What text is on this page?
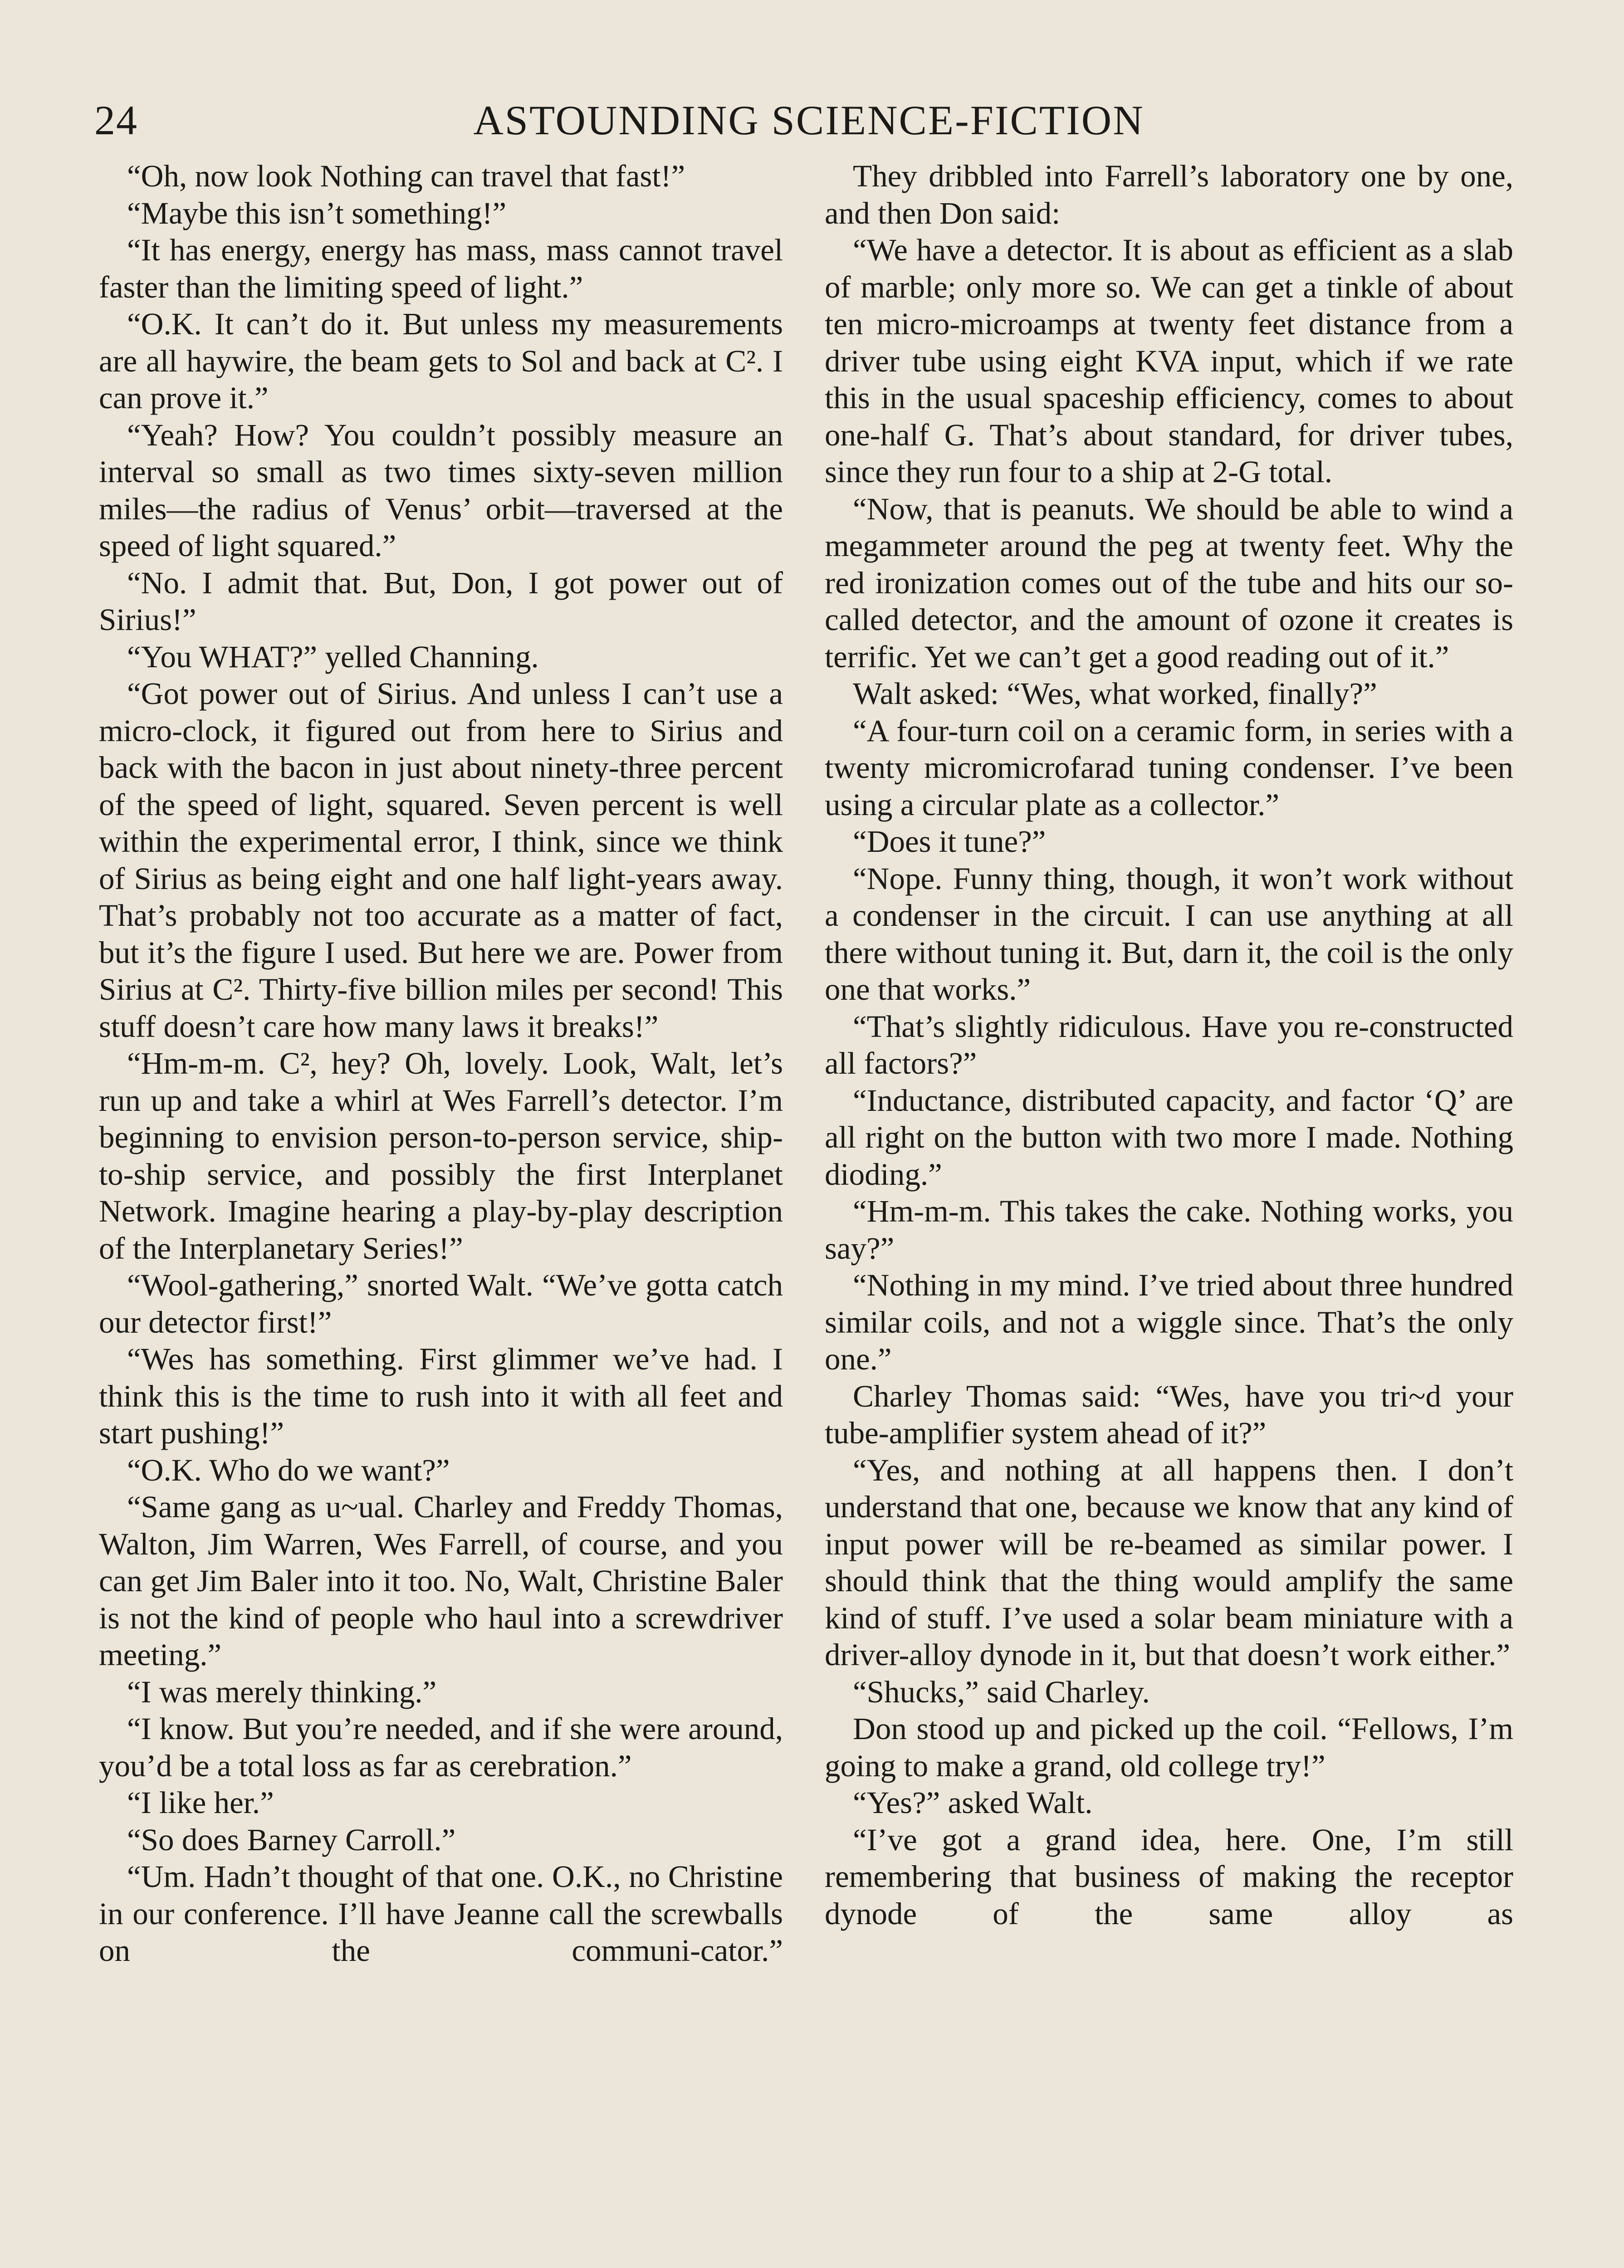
24	ASTOUNDING SCIENCE-FICTION

“Oh, now look Nothing can travel that fast!”

“Maybe this isn’t something!”

“It has energy, energy has mass, mass cannot travel faster than the limiting speed of light.”

“O.K. It can’t do it. But unless my measurements are all haywire, the beam gets to Sol and back at C². I can prove it.”

“Yeah? How? You couldn’t possibly measure an interval so small as two times sixty-seven million miles—the radius of Venus’ orbit—traversed at the speed of light squared.”

“No. I admit that. But, Don, I got power out of Sirius!”

“You WHAT?” yelled Channing.

“Got power out of Sirius. And unless I can’t use a micro-clock, it figured out from here to Sirius and back with the bacon in just about ninety-three percent of the speed of light, squared. Seven percent is well within the experimental error, I think, since we think of Sirius as being eight and one half light-years away. That’s probably not too accurate as a matter of fact, but it’s the figure I used. But here we are. Power from Sirius at C². Thirty-five billion miles per second! This stuff doesn’t care how many laws it breaks!”

“Hm-m-m. C², hey? Oh, lovely. Look, Walt, let’s run up and take a whirl at Wes Farrell’s detector. I’m beginning to envision person-to-person service, ship-to-ship service, and possibly the first Interplanet Network. Imagine hearing a play-by-play description of the Interplanetary Series!”

“Wool-gathering,” snorted Walt. “We’ve gotta catch our detector first!”

“Wes has something. First glimmer we’ve had. I think this is the time to rush into it with all feet and start pushing!”

“O.K. Who do we want?”

“Same gang as u~ual. Charley and Freddy Thomas, Walton, Jim Warren, Wes Farrell, of course, and you can get Jim Baler into it too. No, Walt, Christine Baler is not the kind of people who haul into a screwdriver meeting.”

“I was merely thinking.”

“I know. But you’re needed, and if she were around, you’d be a total loss as far as cerebration.”

“I like her.”

“So does Barney Carroll.”

“Um. Hadn’t thought of that one. O.K., no Christine in our conference. I’ll have Jeanne call the screwballs on the communi-cator.”

They dribbled into Farrell’s laboratory one by one, and then Don said:

“We have a detector. It is about as efficient as a slab of marble; only more so. We can get a tinkle of about ten micro-microamps at twenty feet distance from a driver tube using eight KVA input, which if we rate this in the usual spaceship efficiency, comes to about one-half G. That’s about standard, for driver tubes, since they run four to a ship at 2-G total.

“Now, that is peanuts. We should be able to wind a megammeter around the peg at twenty feet. Why the red ironization comes out of the tube and hits our so-called detector, and the amount of ozone it creates is terrific. Yet we can’t get a good reading out of it.”

Walt asked: “Wes, what worked, finally?”

“A four-turn coil on a ceramic form, in series with a twenty micromicrofarad tuning condenser. I’ve been using a circular plate as a collector.”

“Does it tune?”

“Nope. Funny thing, though, it won’t work without a condenser in the circuit. I can use anything at all there without tuning it. But, darn it, the coil is the only one that works.”

“That’s slightly ridiculous. Have you re-constructed all factors?”

“Inductance, distributed capacity, and factor ‘Q’ are all right on the button with two more I made. Nothing dioding.”

“Hm-m-m. This takes the cake. Nothing works, you say?”

“Nothing in my mind. I’ve tried about three hundred similar coils, and not a wiggle since. That’s the only one.”

Charley Thomas said: “Wes, have you tri~d your tube-amplifier system ahead of it?”

“Yes, and nothing at all happens then. I don’t understand that one, because we know that any kind of input power will be re-beamed as similar power. I should think that the thing would amplify the same kind of stuff. I’ve used a solar beam miniature with a driver-alloy dynode in it, but that doesn’t work either.”

“Shucks,” said Charley.

Don stood up and picked up the coil. “Fellows, I’m going to make a grand, old college try!”

“Yes?” asked Walt.

“I’ve got a grand idea, here. One, I’m still remembering that business of making the receptor dynode of the same alloy as
